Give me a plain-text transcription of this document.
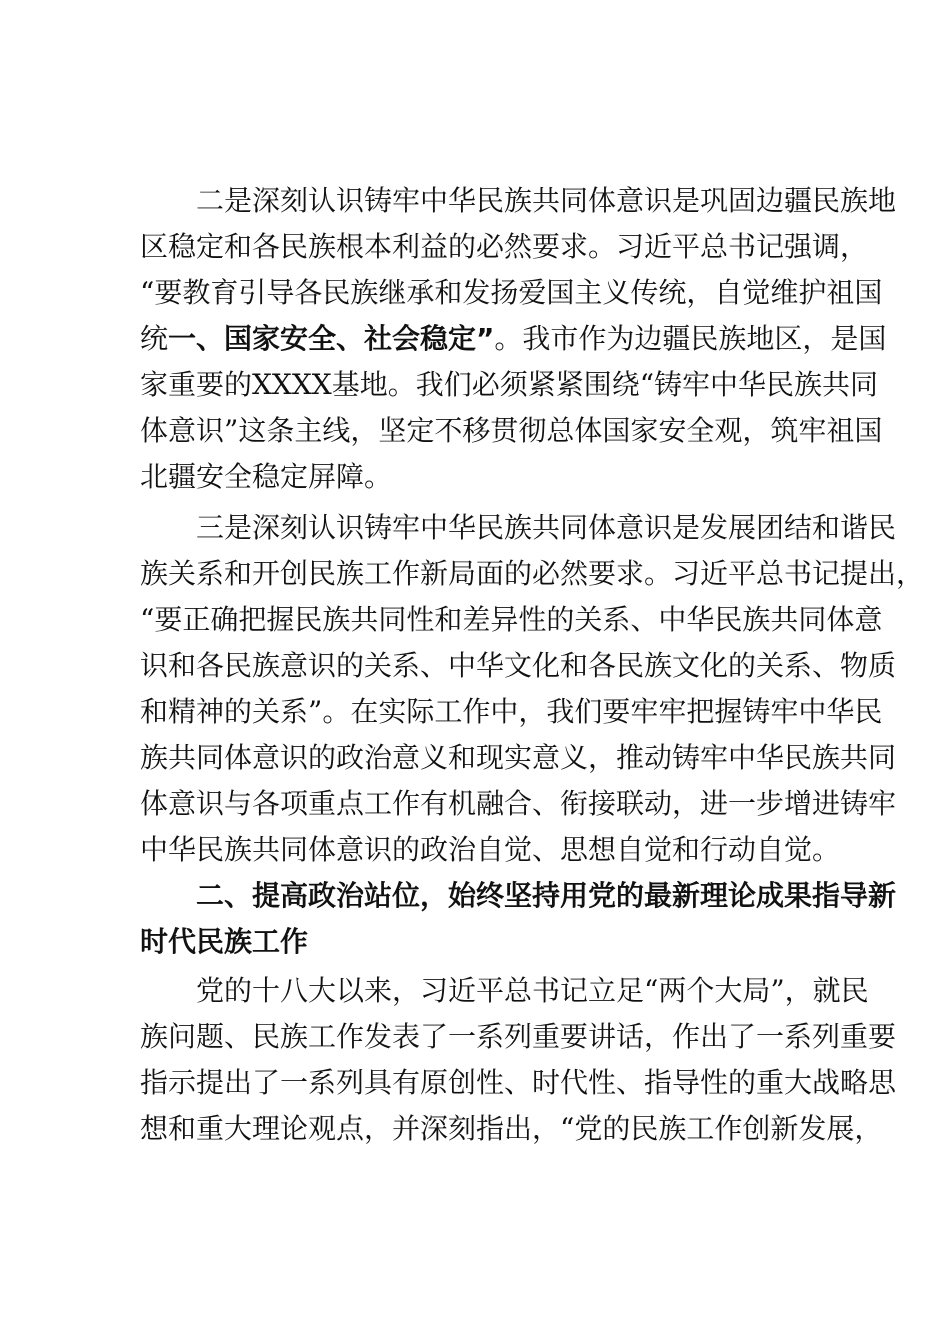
二是深刻认识铸牢中华民族共同体意识是巩固边疆民族地
区稳定和各民族根本利益的必然要求。习近平总书记强调，
“要教育引导各民族继承和发扬爱国主义传统，自觉维护祖国
统一、国家安全、社会稳定”。我市作为边疆民族地区，是国
家重要的XXXX基地。我们必须紧紧围绕“铸牢中华民族共同
体意识”这条主线，坚定不移贯彻总体国家安全观，筑牢祖国
北疆安全稳定屏障。
三是深刻认识铸牢中华民族共同体意识是发展团结和谐民
族关系和开创民族工作新局面的必然要求。习近平总书记提出，
“要正确把握民族共同性和差异性的关系、中华民族共同体意
识和各民族意识的关系、中华文化和各民族文化的关系、物质
和精神的关系”。在实际工作中，我们要牢牢把握铸牢中华民
族共同体意识的政治意义和现实意义，推动铸牢中华民族共同
体意识与各项重点工作有机融合、衔接联动，进一步增进铸牢
中华民族共同体意识的政治自觉、思想自觉和行动自觉。
二、提高政治站位，始终坚持用党的最新理论成果指导新
时代民族工作
党的十八大以来，习近平总书记立足“两个大局”，就民
族问题、民族工作发表了一系列重要讲话，作出了一系列重要
指示提出了一系列具有原创性、时代性、指导性的重大战略思
想和重大理论观点，并深刻指出，“党的民族工作创新发展，
